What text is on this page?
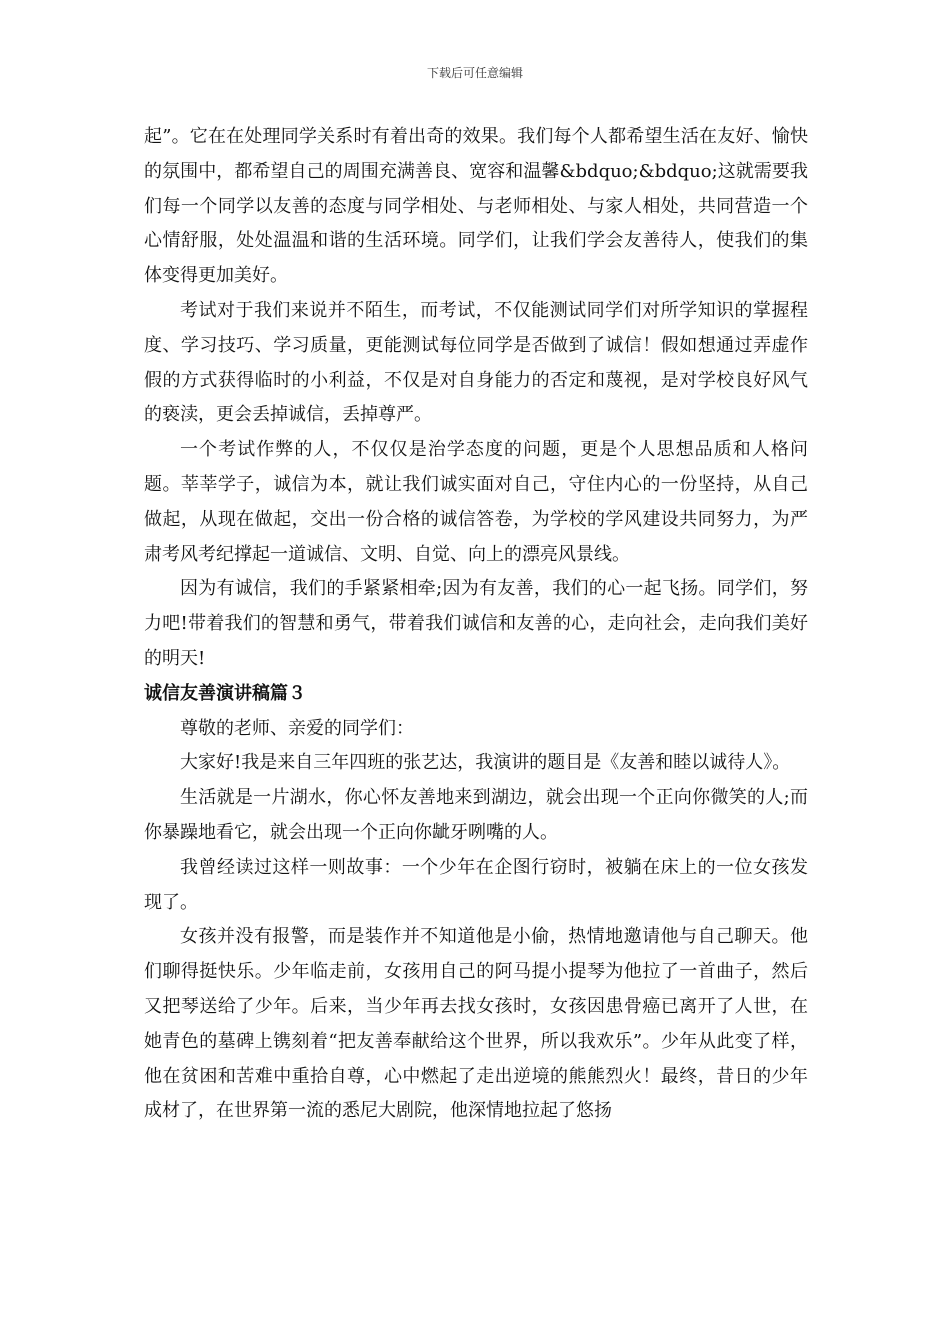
下载后可任意编辑

起”。它在在处理同学关系时有着出奇的效果。我们每个人都希望生活在友好、愉快的氛围中，都希望自己的周围充满善良、宽容和温馨&bdquo;&bdquo;这就需要我们每一个同学以友善的态度与同学相处、与老师相处、与家人相处，共同营造一个心情舒服，处处温温和谐的生活环境。同学们，让我们学会友善待人，使我们的集体变得更加美好。

考试对于我们来说并不陌生，而考试，不仅能测试同学们对所学知识的掌握程度、学习技巧、学习质量，更能测试每位同学是否做到了诚信！假如想通过弄虚作假的方式获得临时的小利益，不仅是对自身能力的否定和蔑视，是对学校良好风气的亵渎，更会丢掉诚信，丢掉尊严。

一个考试作弊的人，不仅仅是治学态度的问题，更是个人思想品质和人格问题。莘莘学子，诚信为本，就让我们诚实面对自己，守住内心的一份坚持，从自己做起，从现在做起，交出一份合格的诚信答卷，为学校的学风建设共同努力，为严肃考风考纪撑起一道诚信、文明、自觉、向上的漂亮风景线。

因为有诚信，我们的手紧紧相牵;因为有友善，我们的心一起飞扬。同学们，努力吧!带着我们的智慧和勇气，带着我们诚信和友善的心，走向社会，走向我们美好的明天!

诚信友善演讲稿篇３

尊敬的老师、亲爱的同学们：

大家好!我是来自三年四班的张艺达，我演讲的题目是《友善和睦以诚待人》。

生活就是一片湖水，你心怀友善地来到湖边，就会出现一个正向你微笑的人;而你暴躁地看它，就会出现一个正向你龇牙咧嘴的人。

我曾经读过这样一则故事：一个少年在企图行窃时，被躺在床上的一位女孩发现了。

女孩并没有报警，而是装作并不知道他是小偷，热情地邀请他与自己聊天。他们聊得挺快乐。少年临走前，女孩用自己的阿马提小提琴为他拉了一首曲子，然后又把琴送给了少年。后来，当少年再去找女孩时，女孩因患骨癌已离开了人世，在她青色的墓碑上镌刻着“把友善奉献给这个世界，所以我欢乐”。少年从此变了样，他在贫困和苦难中重拾自尊，心中燃起了走出逆境的熊熊烈火！最终，昔日的少年成材了，在世界第一流的悉尼大剧院，他深情地拉起了悠扬
